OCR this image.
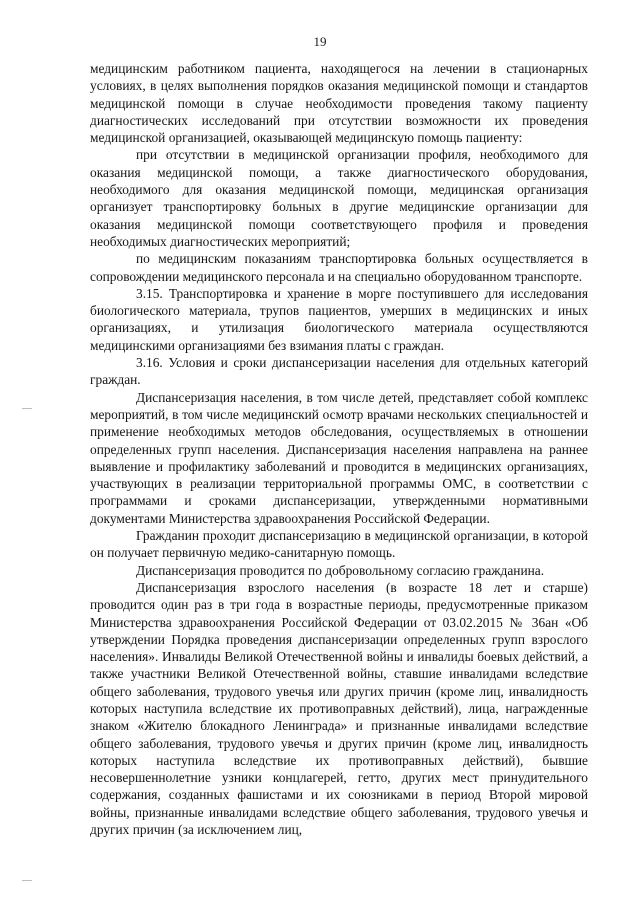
19

медицинским работником пациента, находящегося на лечении в стационарных условиях, в целях выполнения порядков оказания медицинской помощи и стандартов медицинской помощи в случае необходимости проведения такому пациенту диагностических исследований при отсутствии возможности их проведения медицинской организацией, оказывающей медицинскую помощь пациенту:

при отсутствии в медицинской организации профиля, необходимого для оказания медицинской помощи, а также диагностического оборудования, необходимого для оказания медицинской помощи, медицинская организация организует транспортировку больных в другие медицинские организации для оказания медицинской помощи соответствующего профиля и проведения необходимых диагностических мероприятий;

по медицинским показаниям транспортировка больных осуществляется в сопровождении медицинского персонала и на специально оборудованном транспорте.

3.15. Транспортировка и хранение в морге поступившего для исследования биологического материала, трупов пациентов, умерших в медицинских и иных организациях, и утилизация биологического материала осуществляются медицинскими организациями без взимания платы с граждан.

3.16. Условия и сроки диспансеризации населения для отдельных категорий граждан.

Диспансеризация населения, в том числе детей, представляет собой комплекс мероприятий, в том числе медицинский осмотр врачами нескольких специальностей и применение необходимых методов обследования, осуществляемых в отношении определенных групп населения. Диспансеризация населения направлена на раннее выявление и профилактику заболеваний и проводится в медицинских организациях, участвующих в реализации территориальной программы ОМС, в соответствии с программами и сроками диспансеризации, утвержденными нормативными документами Министерства здравоохранения Российской Федерации.

Гражданин проходит диспансеризацию в медицинской организации, в которой он получает первичную медико-санитарную помощь.

Диспансеризация проводится по добровольному согласию гражданина.

Диспансеризация взрослого населения (в возрасте 18 лет и старше) проводится один раз в три года в возрастные периоды, предусмотренные приказом Министерства здравоохранения Российской Федерации от 03.02.2015 № 36ан «Об утверждении Порядка проведения диспансеризации определенных групп взрослого населения». Инвалиды Великой Отечественной войны и инвалиды боевых действий, а также участники Великой Отечественной войны, ставшие инвалидами вследствие общего заболевания, трудового увечья или других причин (кроме лиц, инвалидность которых наступила вследствие их противоправных действий), лица, награжденные знаком «Жителю блокадного Ленинграда» и признанные инвалидами вследствие общего заболевания, трудового увечья и других причин (кроме лиц, инвалидность которых наступила вследствие их противоправных действий), бывшие несовершеннолетние узники концлагерей, гетто, других мест принудительного содержания, созданных фашистами и их союзниками в период Второй мировой войны, признанные инвалидами вследствие общего заболевания, трудового увечья и других причин (за исключением лиц,
